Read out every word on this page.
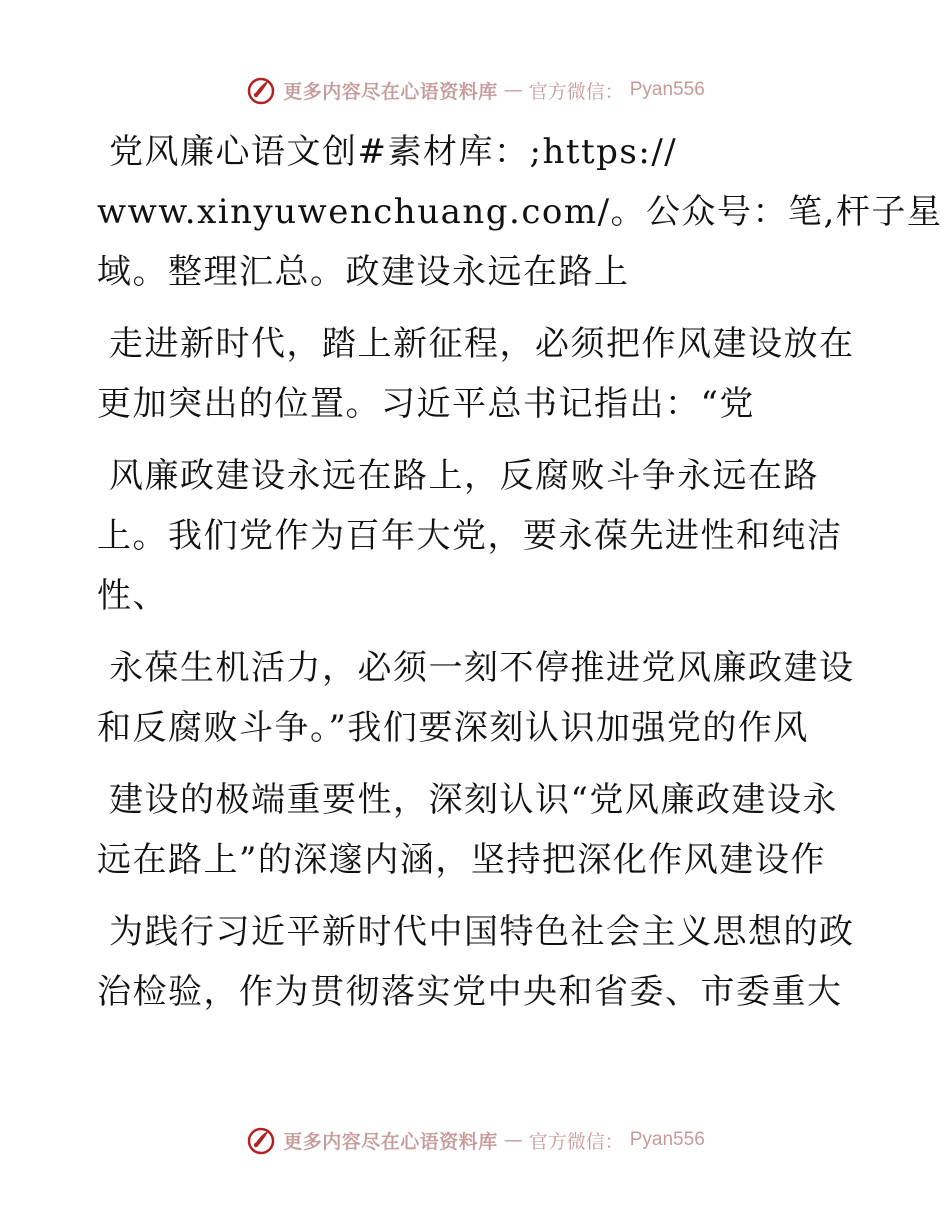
更多内容尽在心语资料库 — 官方微信： Pyan556
党风廉心语文创#素材库：;https://
www.xinyuwenchuang.com/。公众号：笔,杆子星
域。整理汇总。政建设永远在路上
走进新时代，踏上新征程，必须把作风建设放在
更加突出的位置。习近平总书记指出：“党
风廉政建设永远在路上，反腐败斗争永远在路
上。我们党作为百年大党，要永葆先进性和纯洁
性、
永葆生机活力，必须一刻不停推进党风廉政建设
和反腐败斗争。”我们要深刻认识加强党的作风
建设的极端重要性，深刻认识“党风廉政建设永
远在路上”的深邃内涵，坚持把深化作风建设作
为践行习近平新时代中国特色社会主义思想的政
治检验，作为贯彻落实党中央和省委、市委重大
更多内容尽在心语资料库 — 官方微信： Pyan556
